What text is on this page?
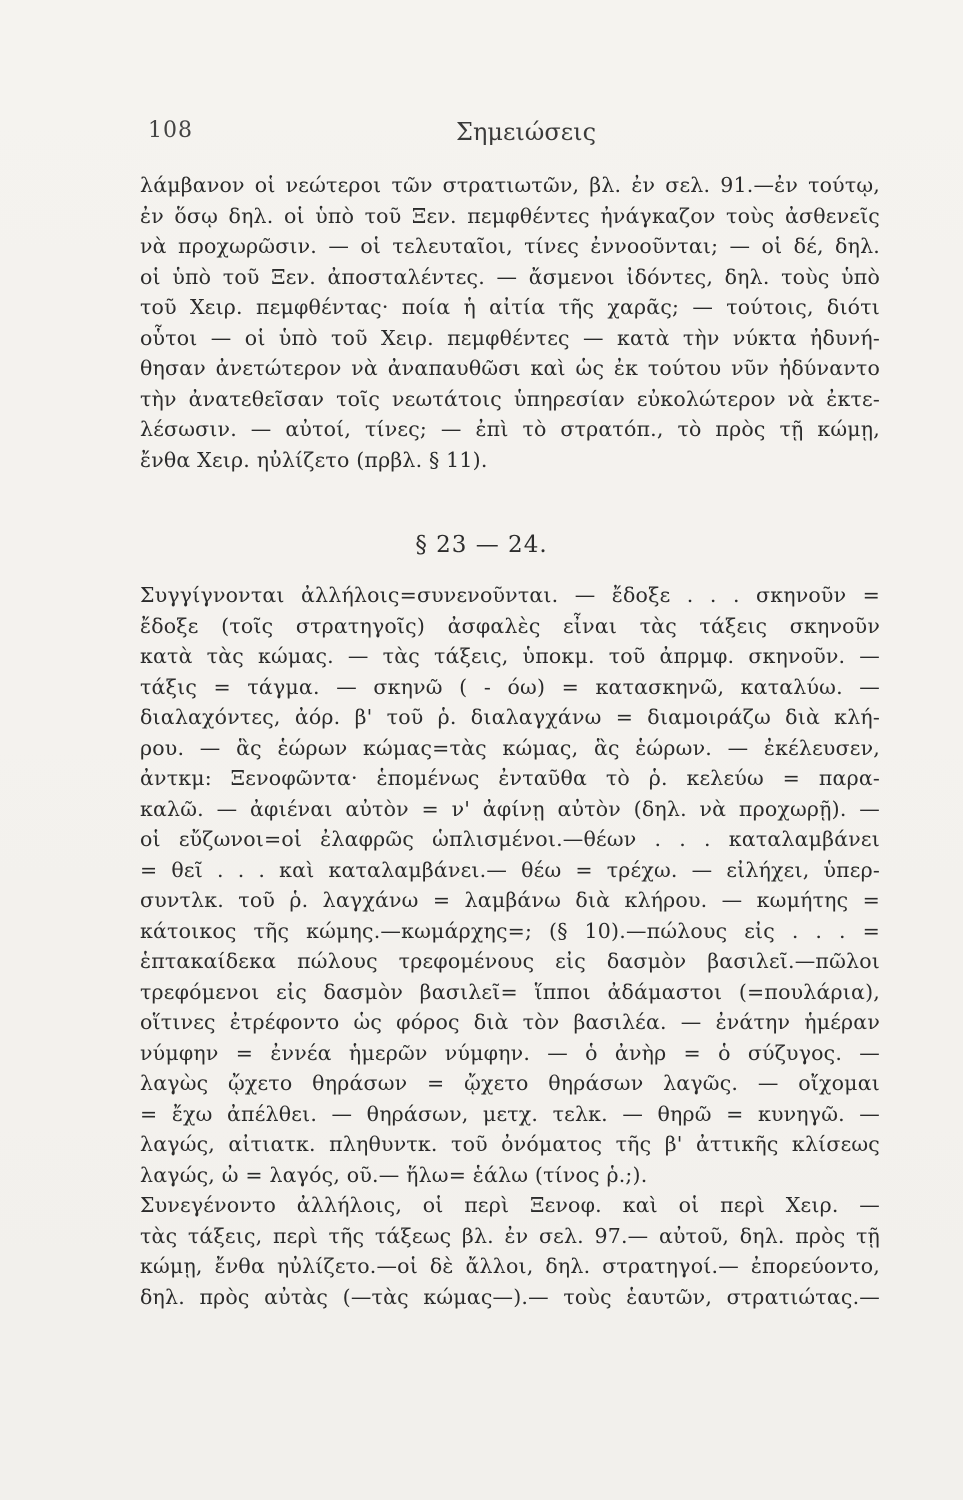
108	Σημειώσεις
λάμβανον οἱ νεώτεροι τῶν στρατιωτῶν, βλ. ἐν σελ. 91.—ἐν τούτῳ,
ἐν ὅσῳ δηλ. οἱ ὑπὸ τοῦ Ξεν. πεμφθέντες ἠνάγκαζον τοὺς ἀσθενεῖς
νὰ προχωρῶσιν. — οἱ τελευταῖοι, τίνες ἐννοοῦνται; — οἱ δέ, δηλ.
οἱ ὑπὸ τοῦ Ξεν. ἀποσταλέντες. — ἄσμενοι ἰδόντες, δηλ. τοὺς ὑπὸ
τοῦ Χειρ. πεμφθέντας· ποία ἡ αἰτία τῆς χαρᾶς; — τούτοις, διότι
οὗτοι — οἱ ὑπὸ τοῦ Χειρ. πεμφθέντες — κατὰ τὴν νύκτα ἠδυνή-
θησαν ἀνετώτερον νὰ ἀναπαυθῶσι καὶ ὡς ἐκ τούτου νῦν ἠδύναντο
τὴν ἀνατεθεῖσαν τοῖς νεωτάτοις ὑπηρεσίαν εὐκολώτερον νὰ ἐκτε-
λέσωσιν. — αὐτοί, τίνες; — ἐπὶ τὸ στρατόπ., τὸ πρὸς τῇ κώμῃ,
ἔνθα Χειρ. ηὐλίζετο (πρβλ. § 11).
§ 23 — 24.
Συγγίγνονται ἀλλήλοις=συνενοῦνται. — ἔδοξε . . . σκηνοῦν =
ἔδοξε (τοῖς στρατηγοῖς) ἀσφαλὲς εἶναι τὰς τάξεις σκηνοῦν
κατὰ τὰς κώμας. — τὰς τάξεις, ὑποκμ. τοῦ ἀπρμφ. σκηνοῦν. —
τάξις = τάγμα. — σκηνῶ ( - όω) = κατασκηνῶ, καταλύω. —
διαλαχόντες, ἀόρ. β' τοῦ ῥ. διαλαγχάνω = διαμοιράζω διὰ κλή-
ρου. — ἃς ἑώρων κώμας=τὰς κώμας, ἃς ἑώρων. — ἐκέλευσεν,
ἀντκμ: Ξενοφῶντα· ἑπομένως ἐνταῦθα τὸ ῥ. κελεύω = παρα-
καλῶ. — ἀφιέναι αὐτὸν = ν' ἀφίνῃ αὐτὸν (δηλ. νὰ προχωρῇ). —
οἱ εὔζωνοι=οἱ ἐλαφρῶς ὡπλισμένοι.—θέων . . . καταλαμβάνει
= θεῖ . . . καὶ καταλαμβάνει.— θέω = τρέχω. — εἰλήχει, ὑπερ-
συντλκ. τοῦ ῥ. λαγχάνω = λαμβάνω διὰ κλήρου. — κωμήτης =
κάτοικος τῆς κώμης.—κωμάρχης=; (§ 10).—πώλους εἰς . . . =
ἑπτακαίδεκα πώλους τρεφομένους εἰς δασμὸν βασιλεῖ.—πῶλοι
τρεφόμενοι εἰς δασμὸν βασιλεῖ= ἵπποι ἀδάμαστοι (=πουλάρια),
οἵτινες ἐτρέφοντο ὡς φόρος διὰ τὸν βασιλέα. — ἐνάτην ἡμέραν
νύμφην = ἐννέα ἡμερῶν νύμφην. — ὁ ἀνὴρ = ὁ σύζυγος. —
λαγὼς ᾤχετο θηράσων = ᾤχετο θηράσων λαγῶς. — οἴχομαι
= ἔχω ἀπέλθει. — θηράσων, μετχ. τελκ. — θηρῶ = κυνηγῶ. —
λαγώς, αἰτιατκ. πληθυντκ. τοῦ ὀνόματος τῆς β' ἀττικῆς κλίσεως
λαγώς, ὠ = λαγός, οῦ.— ἥλω= ἑάλω (τίνος ῥ.;).
Συνεγένοντο ἀλλήλοις, οἱ περὶ Ξενοφ. καὶ οἱ περὶ Χειρ. —
τὰς τάξεις, περὶ τῆς τάξεως βλ. ἐν σελ. 97.— αὐτοῦ, δηλ. πρὸς τῇ
κώμῃ, ἔνθα ηὐλίζετο.—οἱ δὲ ἄλλοι, δηλ. στρατηγοί.— ἐπορεύοντο,
δηλ. πρὸς αὐτὰς (—τὰς κώμας—).— τοὺς ἑαυτῶν, στρατιώτας.—
